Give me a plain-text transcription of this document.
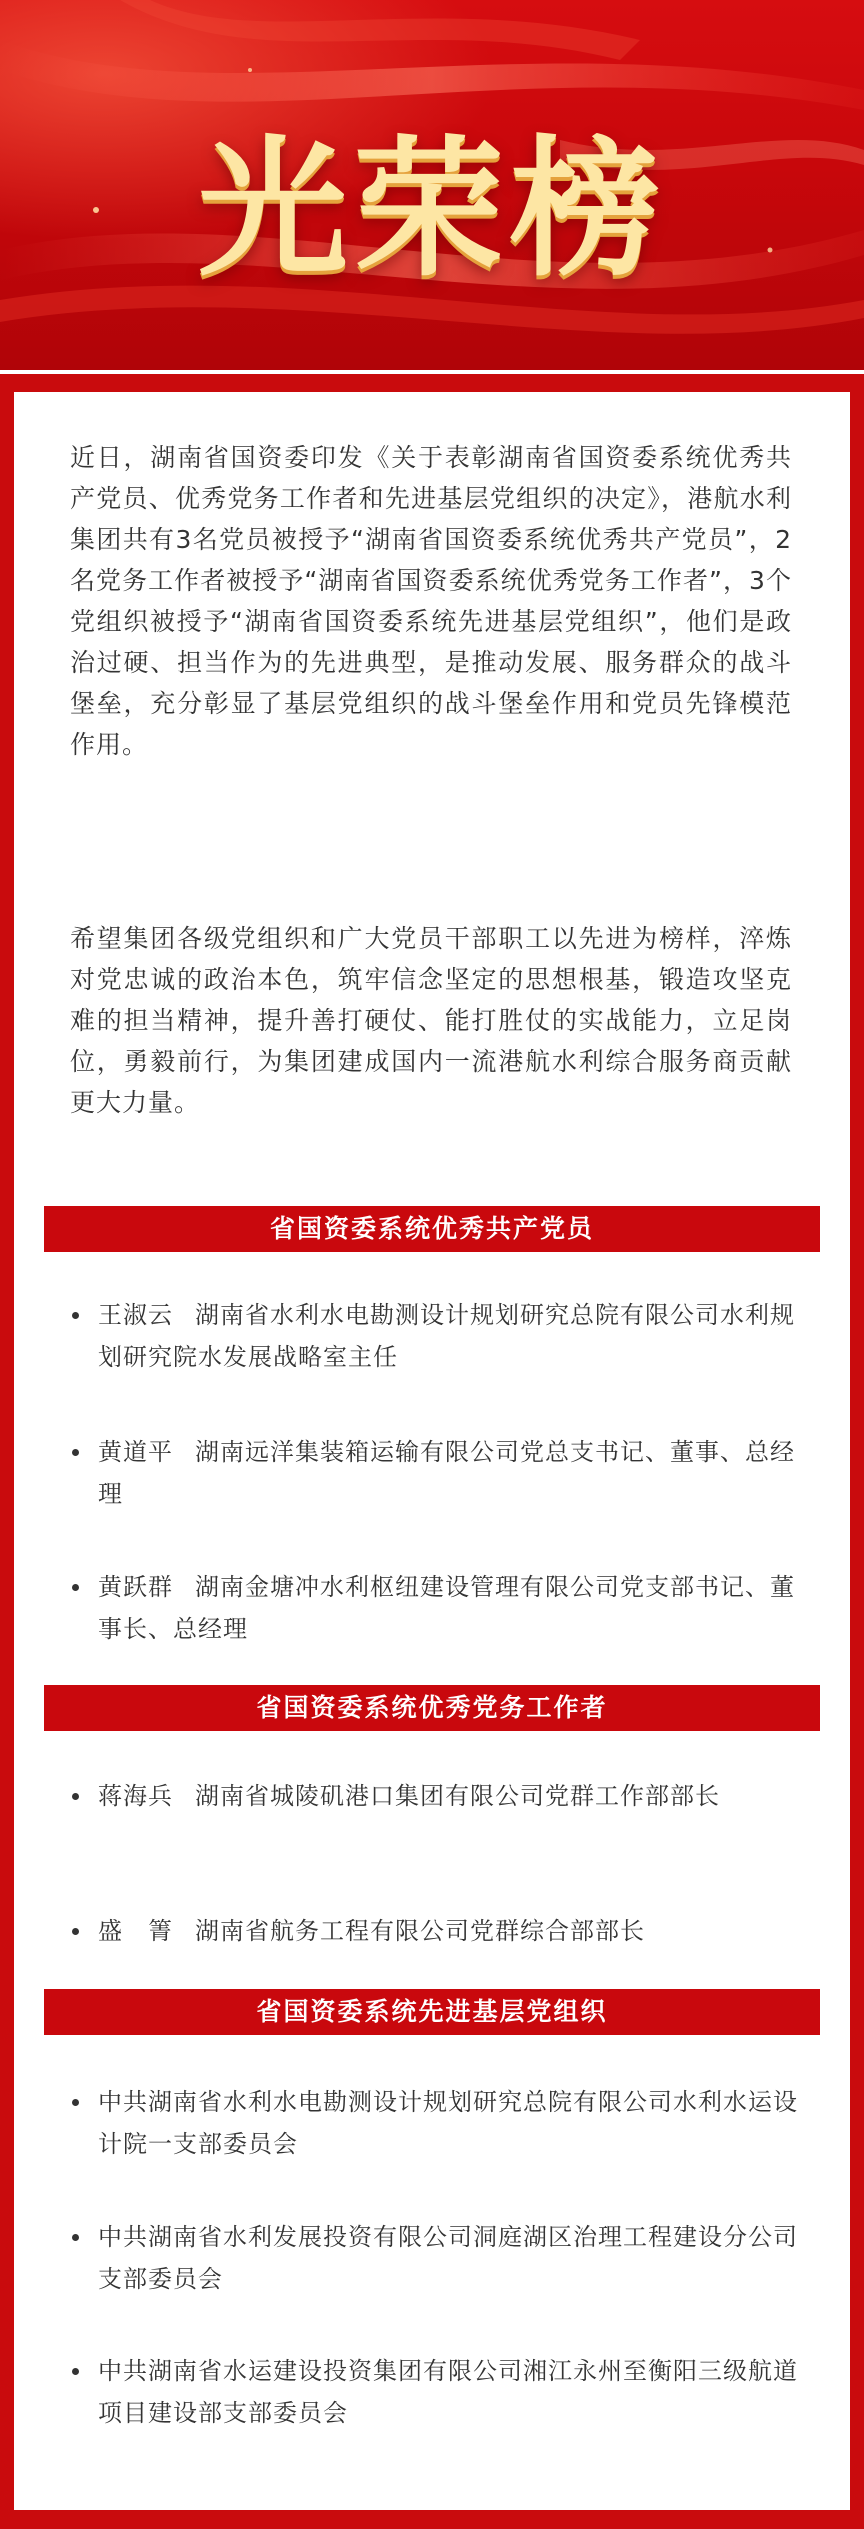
光荣榜

近日，湖南省国资委印发《关于表彰湖南省国资委系统优秀共产党员、优秀党务工作者和先进基层党组织的决定》，港航水利集团共有3名党员被授予“湖南省国资委系统优秀共产党员”，2名党务工作者被授予“湖南省国资委系统优秀党务工作者”，3个党组织被授予“湖南省国资委系统先进基层党组织”，他们是政治过硬、担当作为的先进典型，是推动发展、服务群众的战斗堡垒，充分彰显了基层党组织的战斗堡垒作用和党员先锋模范作用。

希望集团各级党组织和广大党员干部职工以先进为榜样，淬炼对党忠诚的政治本色，筑牢信念坚定的思想根基，锻造攻坚克难的担当精神，提升善打硬仗、能打胜仗的实战能力，立足岗位，勇毅前行，为集团建成国内一流港航水利综合服务商贡献更大力量。

省国资委系统优秀共产党员
王淑云 湖南省水利水电勘测设计规划研究总院有限公司水利规划研究院水发展战略室主任
黄道平 湖南远洋集装箱运输有限公司党总支书记、董事、总经理
黄跃群 湖南金塘冲水利枢纽建设管理有限公司党支部书记、董事长、总经理
省国资委系统优秀党务工作者
蒋海兵 湖南省城陵矶港口集团有限公司党群工作部部长
盛　箐 湖南省航务工程有限公司党群综合部部长
省国资委系统先进基层党组织
中共湖南省水利水电勘测设计规划研究总院有限公司水利水运设计院一支部委员会
中共湖南省水利发展投资有限公司洞庭湖区治理工程建设分公司支部委员会
中共湖南省水运建设投资集团有限公司湘江永州至衡阳三级航道项目建设部支部委员会
